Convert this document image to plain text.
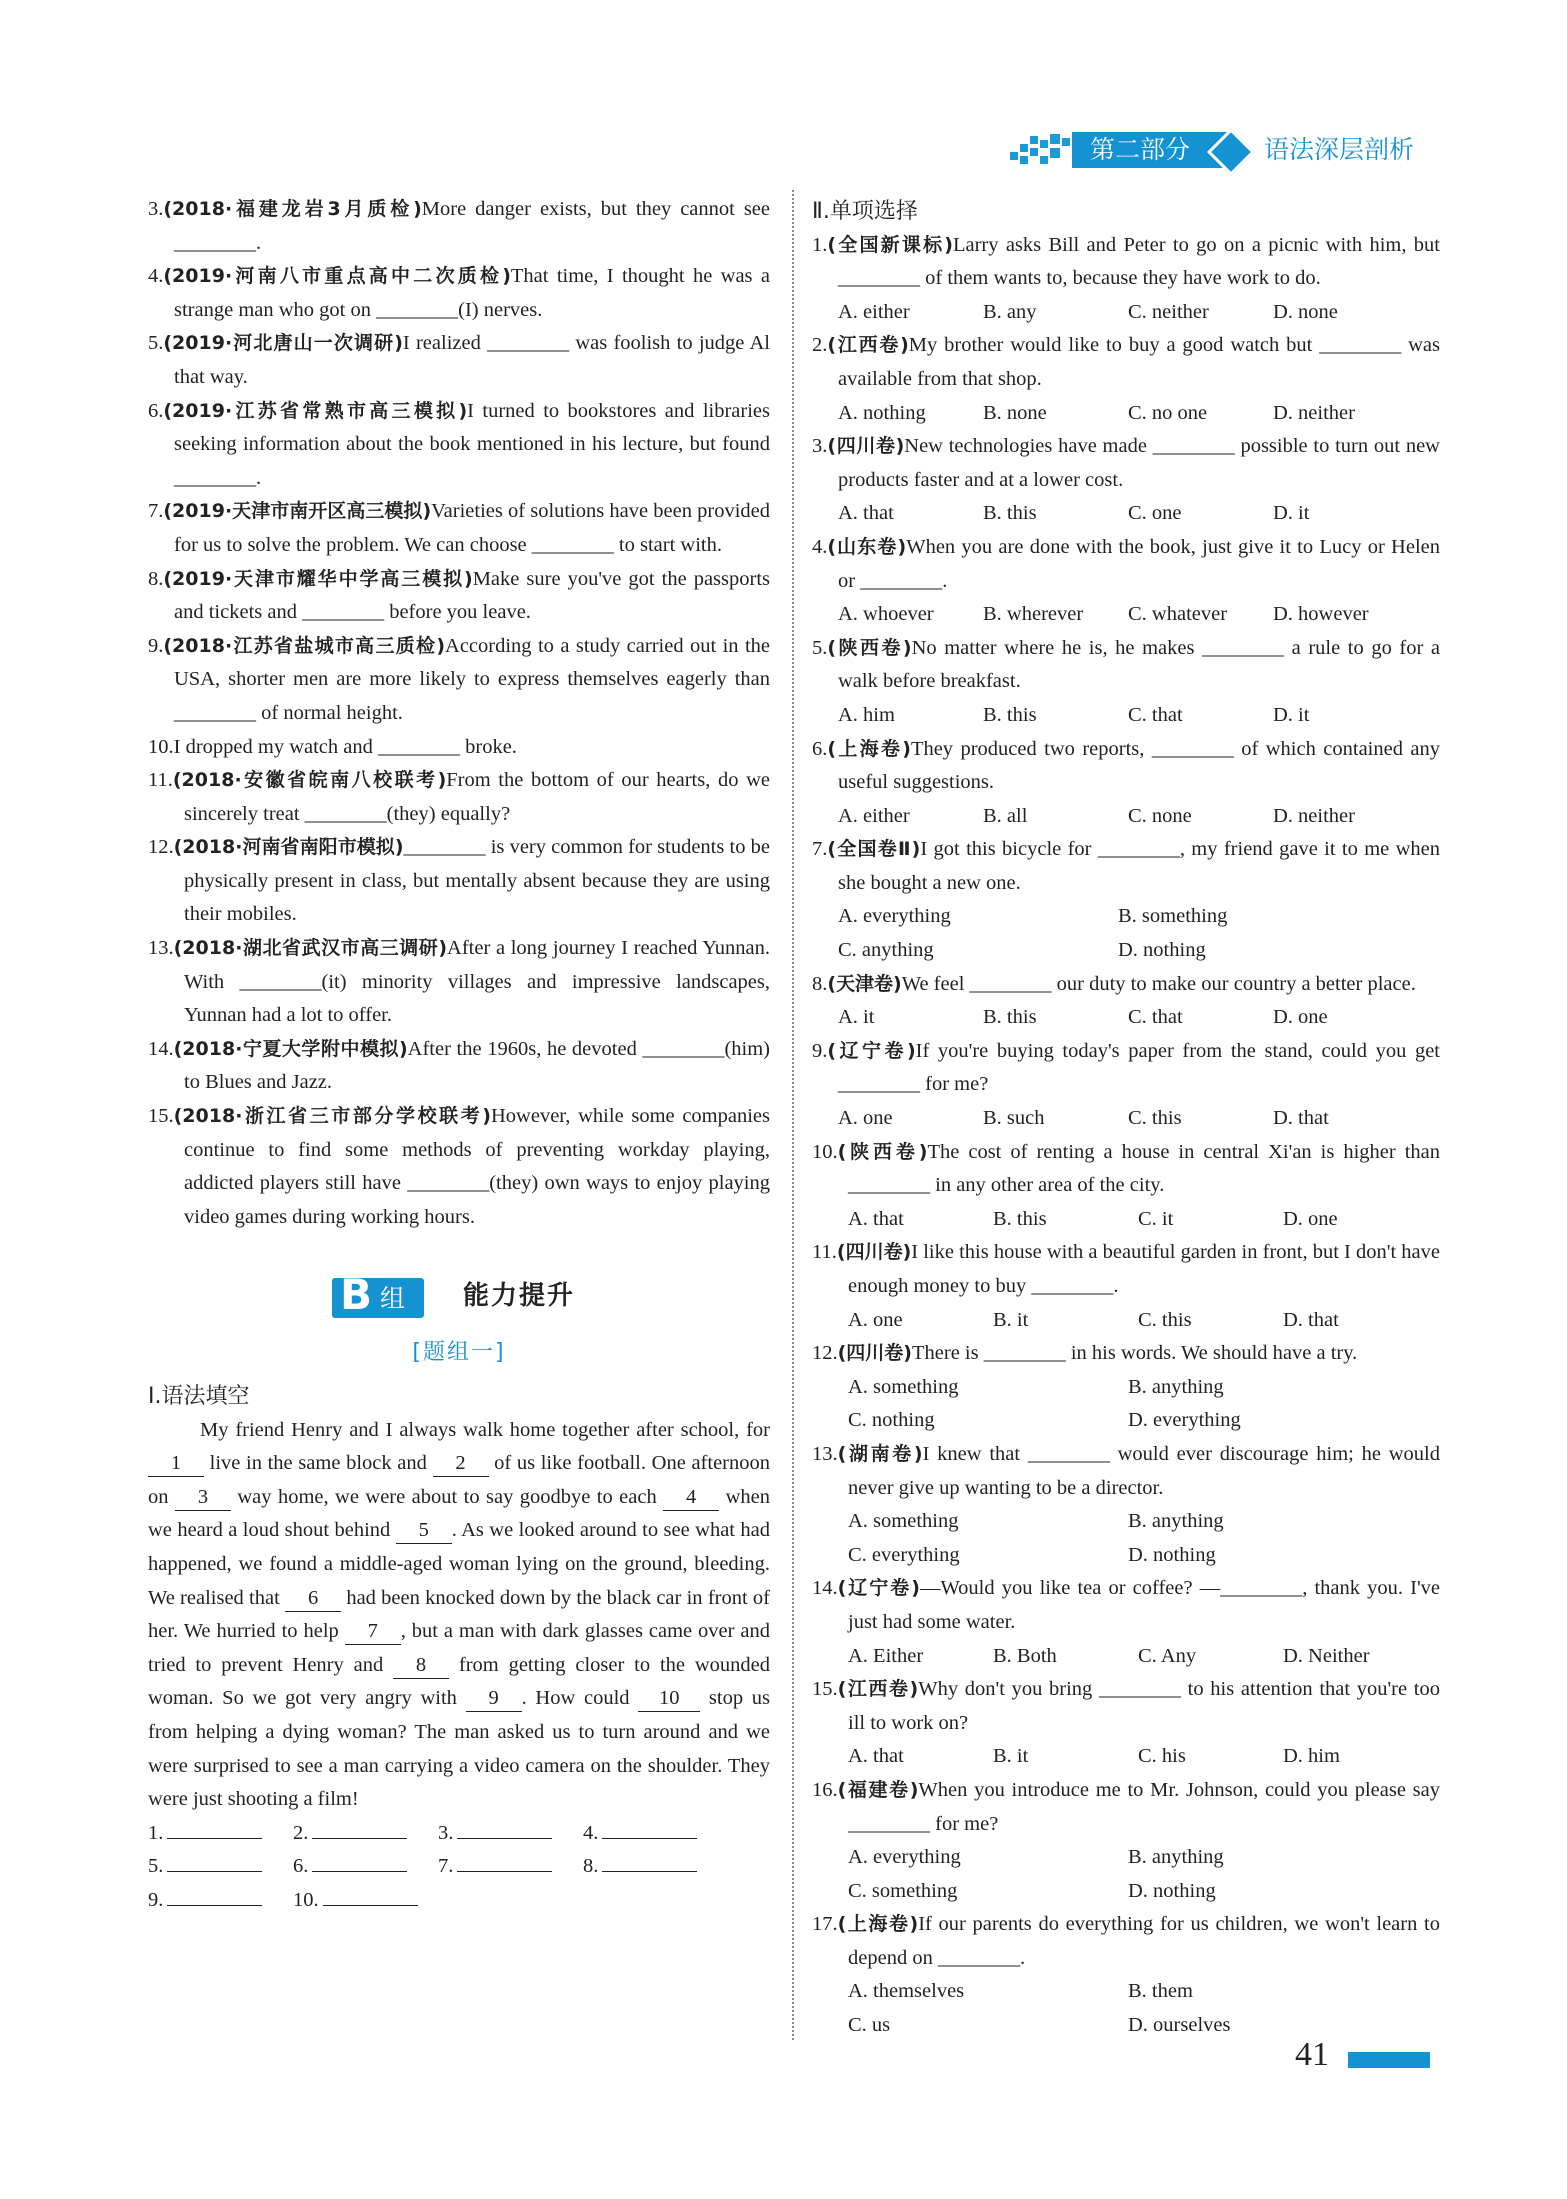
第二部分	语法深层剖析
3.(2018·福建龙岩3月质检)More danger exists, but they cannot see ________.
4.(2019·河南八市重点高中二次质检)That time, I thought he was a strange man who got on ________(I) nerves.
5.(2019·河北唐山一次调研)I realized ________ was foolish to judge Al that way.
6.(2019·江苏省常熟市高三模拟)I turned to bookstores and libraries seeking information about the book mentioned in his lecture, but found ________.
7.(2019·天津市南开区高三模拟)Varieties of solutions have been provided for us to solve the problem. We can choose ________ to start with.
8.(2019·天津市耀华中学高三模拟)Make sure you've got the passports and tickets and ________ before you leave.
9.(2018·江苏省盐城市高三质检)According to a study carried out in the USA, shorter men are more likely to express themselves eagerly than ________ of normal height.
10.I dropped my watch and ________ broke.
11.(2018·安徽省皖南八校联考)From the bottom of our hearts, do we sincerely treat ________(they) equally?
12.(2018·河南省南阳市模拟)________ is very common for students to be physically present in class, but mentally absent because they are using their mobiles.
13.(2018·湖北省武汉市高三调研)After a long journey I reached Yunnan. With ________(it) minority villages and impressive landscapes, Yunnan had a lot to offer.
14.(2018·宁夏大学附中模拟)After the 1960s, he devoted ________(him) to Blues and Jazz.
15.(2018·浙江省三市部分学校联考)However, while some companies continue to find some methods of preventing workday playing, addicted players still have ________(they) own ways to enjoy playing video games during working hours.
B 组 能力提升
[题组一]
Ⅰ.语法填空
My friend Henry and I always walk home together after school, for 1 live in the same block and 2 of us like football. One afternoon on 3 way home, we were about to say goodbye to each 4 when we heard a loud shout behind 5 . As we looked around to see what had happened, we found a middle-aged woman lying on the ground, bleeding. We realised that 6 had been knocked down by the black car in front of her. We hurried to help 7 , but a man with dark glasses came over and tried to prevent Henry and 8 from getting closer to the wounded woman. So we got very angry with 9 . How could 10 stop us from helping a dying woman? The man asked us to turn around and we were surprised to see a man carrying a video camera on the shoulder. They were just shooting a film!
1.	2.	3.	4.
5.	6.	7.	8.
9.	10.
Ⅱ.单项选择
1.(全国新课标)Larry asks Bill and Peter to go on a picnic with him, but ________ of them wants to, because they have work to do.
A. either	B. any	C. neither	D. none
2.(江西卷)My brother would like to buy a good watch but ________ was available from that shop.
A. nothing	B. none	C. no one	D. neither
3.(四川卷)New technologies have made ________ possible to turn out new products faster and at a lower cost.
A. that	B. this	C. one	D. it
4.(山东卷)When you are done with the book, just give it to Lucy or Helen or ________.
A. whoever	B. wherever	C. whatever	D. however
5.(陕西卷)No matter where he is, he makes ________ a rule to go for a walk before breakfast.
A. him	B. this	C. that	D. it
6.(上海卷)They produced two reports, ________ of which contained any useful suggestions.
A. either	B. all	C. none	D. neither
7.(全国卷Ⅱ)I got this bicycle for ________, my friend gave it to me when she bought a new one.
A. everything	B. something
C. anything	D. nothing
8.(天津卷)We feel ________ our duty to make our country a better place.
A. it	B. this	C. that	D. one
9.(辽宁卷)If you're buying today's paper from the stand, could you get ________ for me?
A. one	B. such	C. this	D. that
10.(陕西卷)The cost of renting a house in central Xi'an is higher than ________ in any other area of the city.
A. that	B. this	C. it	D. one
11.(四川卷)I like this house with a beautiful garden in front, but I don't have enough money to buy ________.
A. one	B. it	C. this	D. that
12.(四川卷)There is ________ in his words. We should have a try.
A. something	B. anything
C. nothing	D. everything
13.(湖南卷)I knew that ________ would ever discourage him; he would never give up wanting to be a director.
A. something	B. anything
C. everything	D. nothing
14.(辽宁卷)—Would you like tea or coffee? —________, thank you. I've just had some water.
A. Either	B. Both	C. Any	D. Neither
15.(江西卷)Why don't you bring ________ to his attention that you're too ill to work on?
A. that	B. it	C. his	D. him
16.(福建卷)When you introduce me to Mr. Johnson, could you please say ________ for me?
A. everything	B. anything
C. something	D. nothing
17.(上海卷)If our parents do everything for us children, we won't learn to depend on ________.
A. themselves	B. them
C. us	D. ourselves
41
